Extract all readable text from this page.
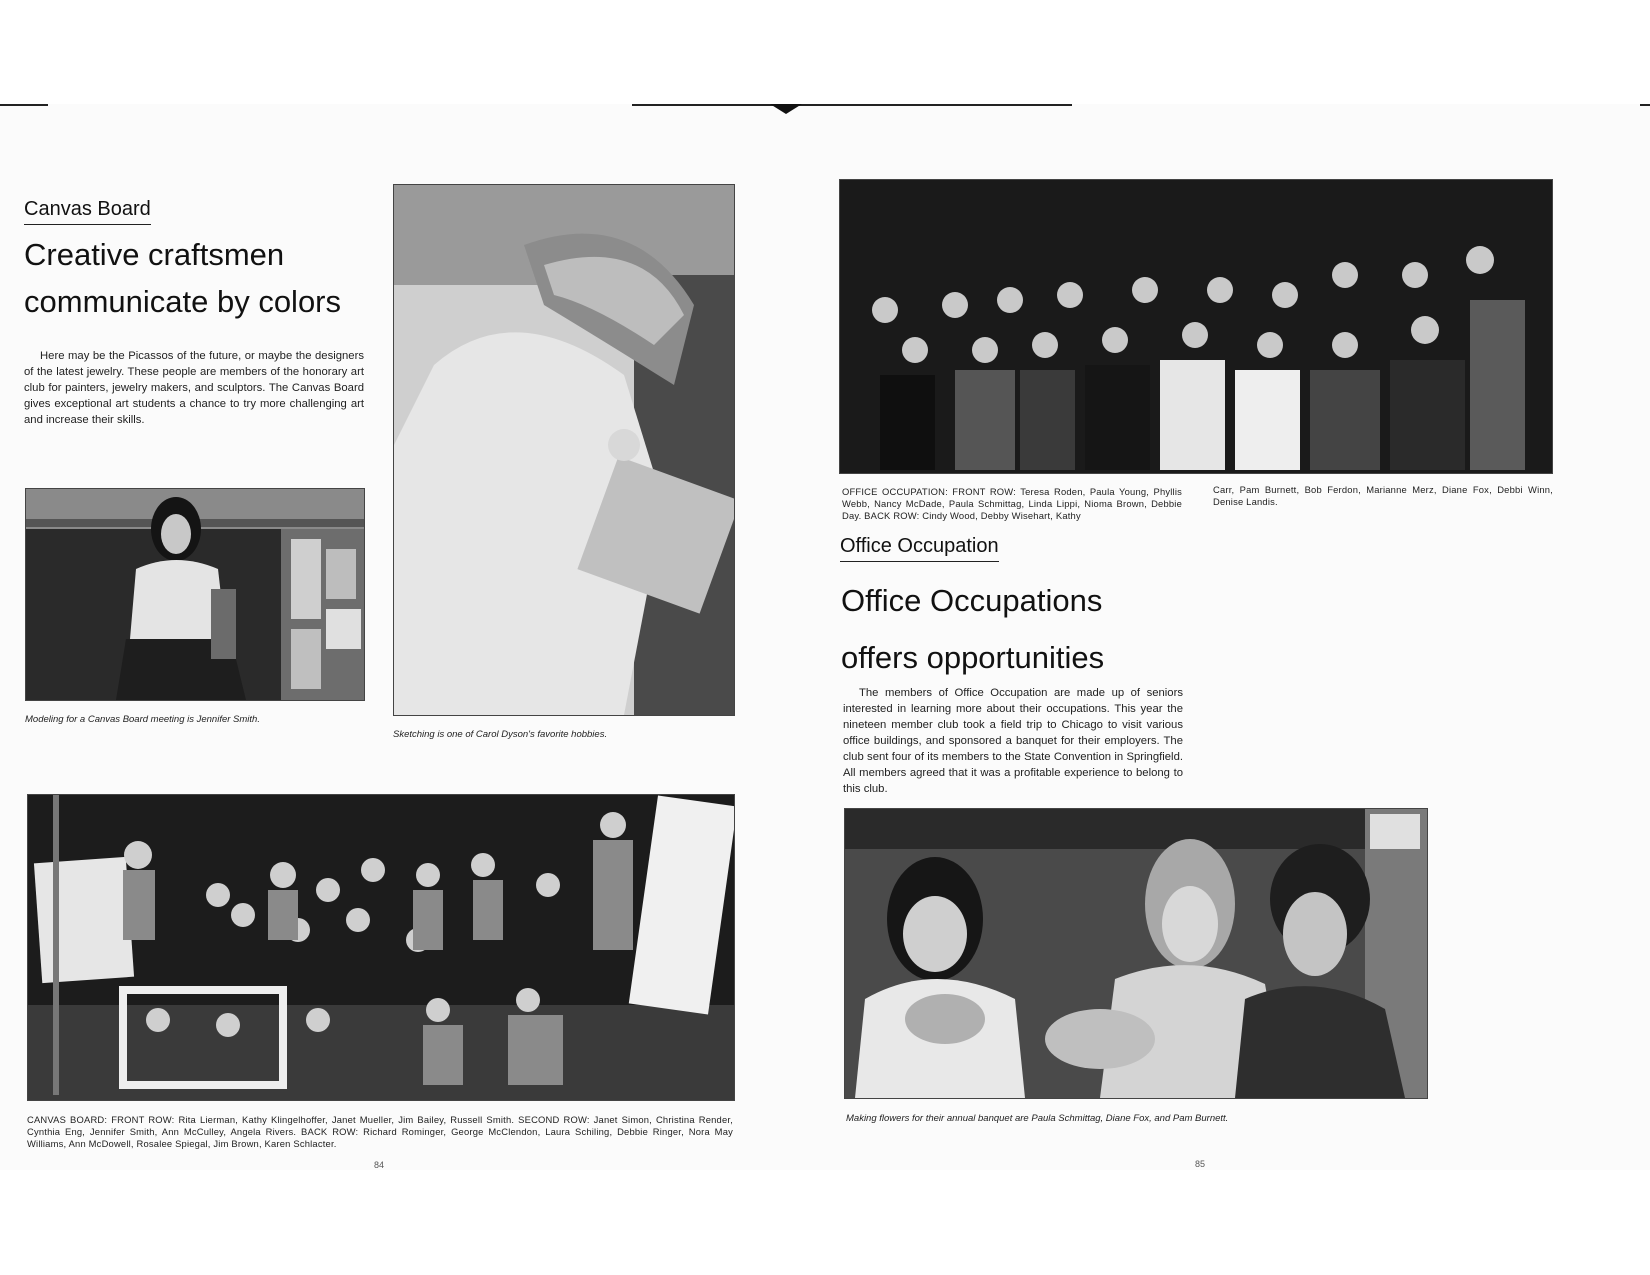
Canvas Board
Creative craftsmen
communicate by colors
Here may be the Picassos of the future, or maybe the designers of the latest jewelry. These people are members of the honorary art club for painters, jewelry makers, and sculptors. The Canvas Board gives exceptional art students a chance to try more challenging art and increase their skills.
Modeling for a Canvas Board meeting is Jennifer Smith.
Sketching is one of Carol Dyson's favorite hobbies.
CANVAS BOARD: FRONT ROW: Rita Lierman, Kathy Klingelhoffer, Janet Mueller, Jim Bailey, Russell Smith. SECOND ROW: Janet Simon, Christina Render, Cynthia Eng, Jennifer Smith, Ann McCulley, Angela Rivers. BACK ROW: Richard Rominger, George McClendon, Laura Schiling, Debbie Ringer, Nora May Williams, Ann McDowell, Rosalee Spiegal, Jim Brown, Karen Schlacter.
84
OFFICE OCCUPATION: FRONT ROW: Teresa Roden, Paula Young, Phyllis Webb, Nancy McDade, Paula Schmittag, Linda Lippi, Nioma Brown, Debbie Day. BACK ROW: Cindy Wood, Debby Wisehart, Kathy
Carr, Pam Burnett, Bob Ferdon, Marianne Merz, Diane Fox, Debbi Winn, Denise Landis.
Office Occupation
Office Occupations
offers opportunities
The members of Office Occupation are made up of seniors interested in learning more about their occupations. This year the nineteen member club took a field trip to Chicago to visit various office buildings, and sponsored a banquet for their employers. The club sent four of its members to the State Convention in Springfield. All members agreed that it was a profitable experience to belong to this club.
Making flowers for their annual banquet are Paula Schmittag, Diane Fox, and Pam Burnett.
85
